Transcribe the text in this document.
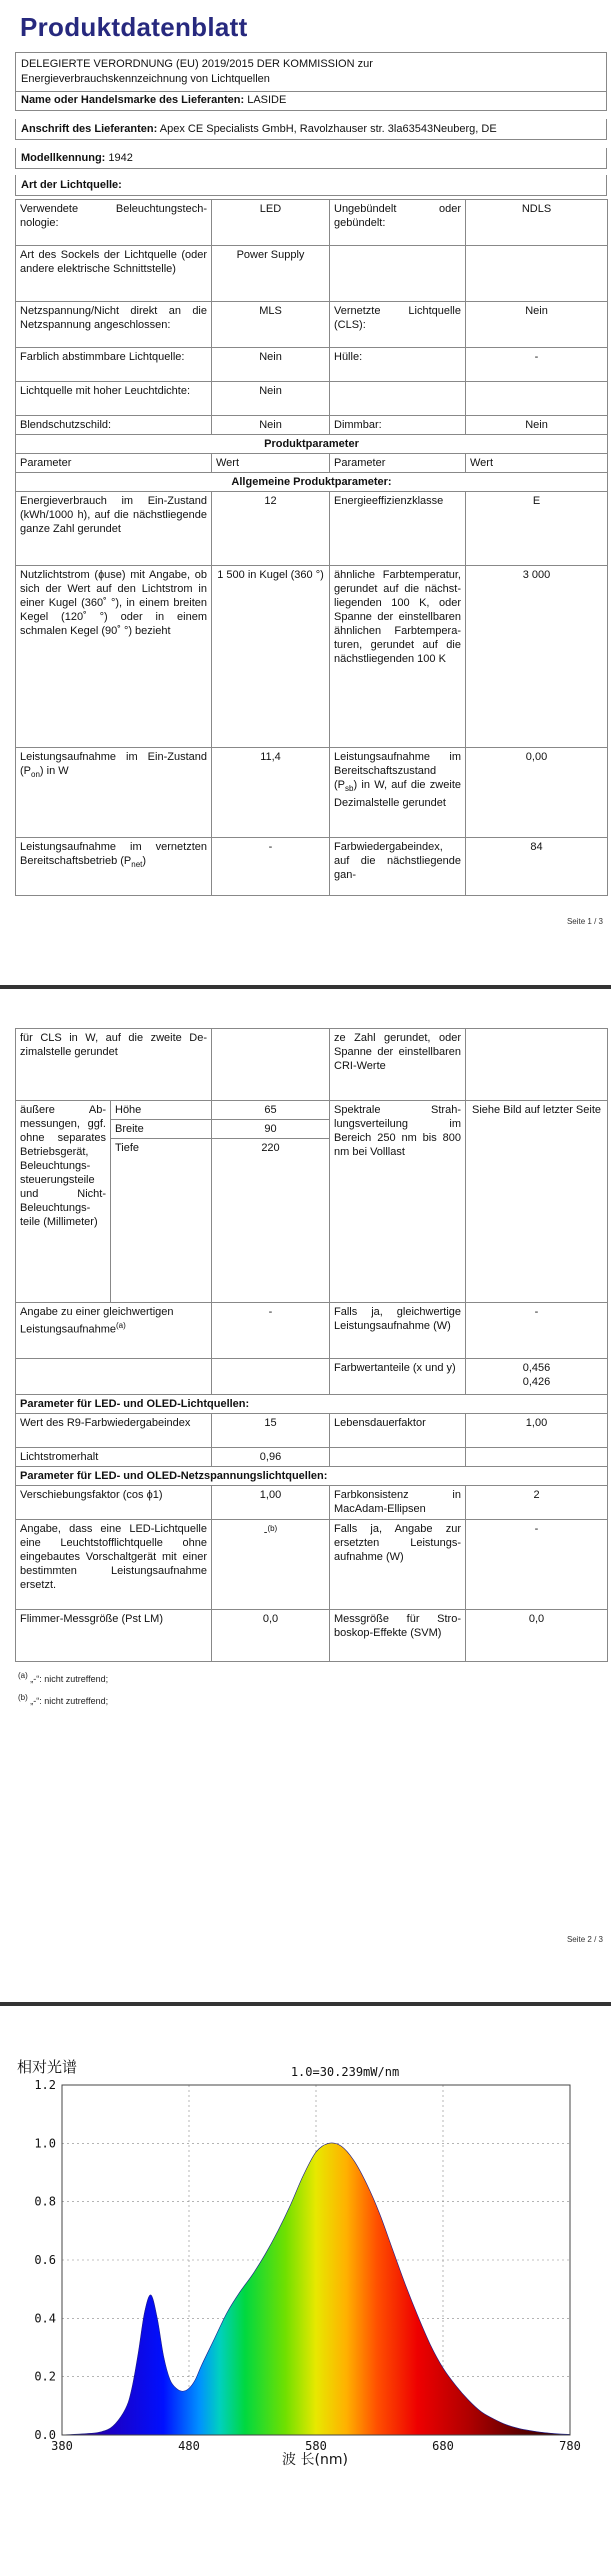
Produktdatenblatt
DELEGIERTE VERORDNUNG (EU) 2019/2015 DER KOMMISSION zur
Energieverbrauchskennzeichnung von Lichtquellen
Name oder Handelsmarke des Lieferanten: LASIDE
Anschrift des Lieferanten: Apex CE Specialists GmbH, Ravolzhauser str. 3la63543Neuberg, DE
Modellkennung: 1942
Art der Lichtquelle:
Verwendete Beleuchtungstechnologie:	LED	Ungebündelt oder gebündelt:	NDLS
Art des Sockels der Lichtquelle (oder andere elektrische Schnittstelle)	Power Supply		
Netzspannung/Nicht direkt an die Netzspannung angeschlossen:	MLS	Vernetzte Lichtquelle (CLS):	Nein
Farblich abstimmbare Lichtquelle:	Nein	Hülle:	-
Lichtquelle mit hoher Leuchtdichte:	Nein		
Blendschutzschild:	Nein	Dimmbar:	Nein
Produktparameter			
Parameter	Wert	Parameter	Wert
Allgemeine Produktparameter:			
Energieverbrauch im Ein-Zustand (kWh/1000 h), auf die nächstliegende ganze Zahl gerundet	12	Energieeffizienzklasse	E
Nutzlichtstrom (ɸuse) mit Angabe, ob sich der Wert auf den Lichtstrom in einer Kugel (360˚ °), in einem breiten Kegel (120˚ °) oder in einem schmalen Kegel (90˚ °) bezieht	1 500 in Kugel (360 °)	ähnliche Farbtemperatur, gerundet auf die nächstliegenden 100 K, oder Spanne der einstellbaren ähnlichen Farbtemperaturen, gerundet auf die nächstliegenden 100 K	3 000
Leistungsaufnahme im Ein-Zustand $(P_{on})$ in W	11,4	Leistungsaufnahme im Bereitschaftszustand $(P_{sb})$ in W, auf die zweite Dezimalstelle gerundet	0,00
Leistungsaufnahme im vernetzten Bereitschaftsbetrieb $(P_{net})$	-	Farbwiedergabeindex, auf die nächstliegende gan-	84
Seite 1 / 3
für CLS in W, auf die zweite Dezimalstelle gerundet			ze Zahl gerundet, oder Spanne der einstellbaren CRI-Werte	
äußere Abmessungen, ggf. ohne separates Betriebsgerät, Beleuchtungssteuerungsteile und Nicht-Beleuchtungsteile (Millimeter)	Höhe	65	Spektrale Strahlungsverteilung im Bereich 250 nm bis 800 nm bei Volllast	Siehe Bild auf letzter Seite
	Breite	90		
	Tiefe	220		
Angabe zu einer gleichwertigen Leistungsaufnahme$^{(a)}$		-	Falls ja, gleichwertige Leistungsaufnahme (W)	-
			Farbwertanteile (x und y)	0,456
0,426

Parameter für LED- und OLED-Lichtquellen:				
Wert des R9-Farbwiedergabeindex		15	Lebensdauerfaktor	1,00
Lichtstromerhalt		0,96		
Parameter für LED- und OLED-Netzspannungslichtquellen:				
Verschiebungsfaktor (cos ϕ1)		1,00	Farbkonsistenz in MacAdam-Ellipsen	2
Angabe, dass eine LED-Lichtquelle eine Leuchtstofflichtquelle ohne eingebautes Vorschaltgerät mit einer bestimmten Leistungsaufnahme ersetzt.		-$^{(b)}$	Falls ja, Angabe zur ersetzten Leistungsaufnahme (W)	-
Flimmer-Messgröße (Pst LM)		0,0	Messgröße für Stroboskop-Effekte (SVM)	0,0
$^{(a)}$ „-“: nicht zutreffend;
$^{(b)}$ „-“: nicht zutreffend;
Seite 2 / 3
0.0
0.2
0.4
0.6
0.8
1.0
1.2
380	480	580	680	780
相对光谱	1.0=30.239mW/nm
波 长(nm)
